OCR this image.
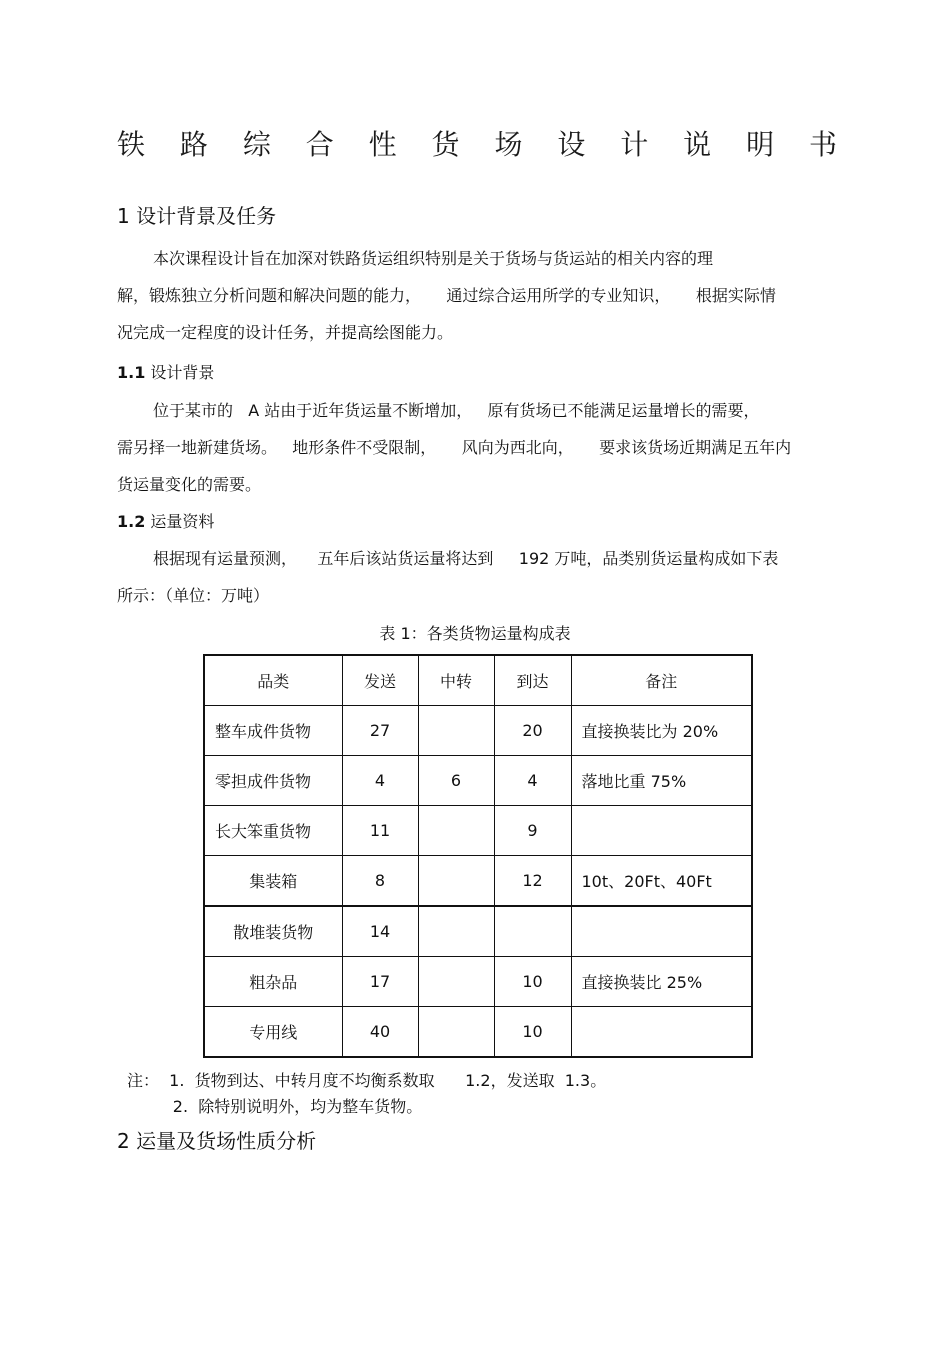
铁 路 综 合 性 货 场 设 计 说 明 书
1 设计背景及任务
本次课程设计旨在加深对铁路货运组织特别是关于货场与货运站的相关内容的理
解，锻炼独立分析问题和解决问题的能力，     通过综合运用所学的专业知识，     根据实际情
况完成一定程度的设计任务，并提高绘图能力。
1.1 设计背景
位于某市的   A 站由于近年货运量不断增加，   原有货场已不能满足运量增长的需要，
需另择一地新建货场。   地形条件不受限制，     风向为西北向，     要求该货场近期满足五年内
货运量变化的需要。
1.2 运量资料
根据现有运量预测，    五年后该站货运量将达到     192 万吨，品类别货运量构成如下表
所示：（单位：万吨）
表 1：各类货物运量构成表
品类	发送	中转	到达	备注
整车成件货物	27		20	直接换装比为 20%
零担成件货物	4	6	4	落地比重 75%
长大笨重货物	11		9	
集装箱	8		12	10t、20Ft、40Ft
散堆装货物	14			
粗杂品	17		10	直接换装比 25%
专用线	40		10	
注：  1.  货物到达、中转月度不均衡系数取      1.2，发送取  1.3。
2.  除特别说明外，均为整车货物。
2 运量及货场性质分析
